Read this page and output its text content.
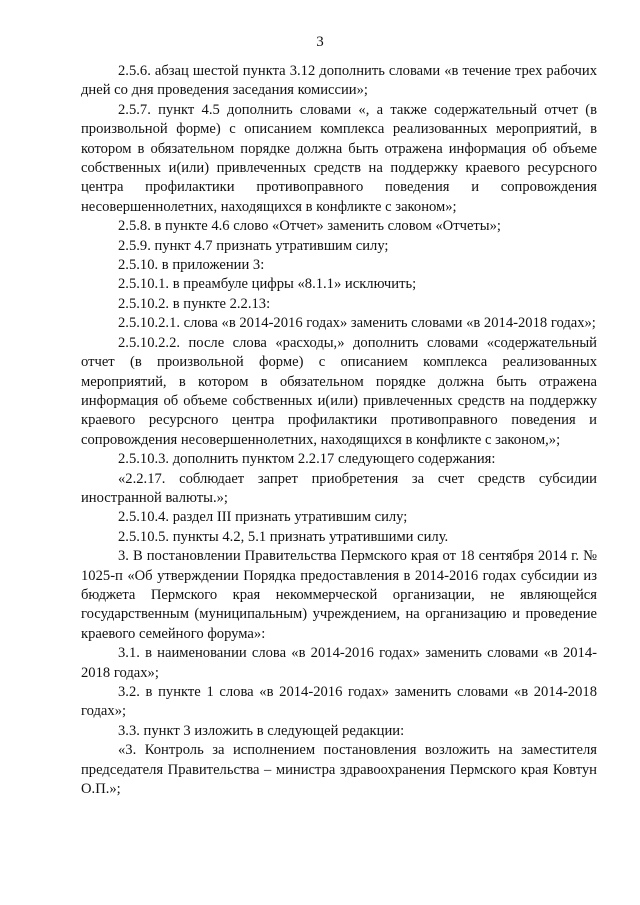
3

2.5.6. абзац шестой пункта 3.12 дополнить словами «в течение трех рабочих дней со дня проведения заседания комиссии»;

2.5.7. пункт 4.5 дополнить словами «, а также содержательный отчет (в произвольной форме) с описанием комплекса реализованных мероприятий, в котором в обязательном порядке должна быть отражена информация об объеме собственных и(или) привлеченных средств на поддержку краевого ресурсного центра профилактики противоправного поведения и сопровождения несовершеннолетних, находящихся в конфликте с законом»;

2.5.8. в пункте 4.6 слово «Отчет» заменить словом «Отчеты»;

2.5.9. пункт 4.7 признать утратившим силу;

2.5.10. в приложении 3:

2.5.10.1. в преамбуле цифры «8.1.1» исключить;

2.5.10.2. в пункте 2.2.13:

2.5.10.2.1. слова «в 2014-2016 годах» заменить словами «в 2014-2018 годах»;

2.5.10.2.2. после слова «расходы,» дополнить словами «содержательный отчет (в произвольной форме) с описанием комплекса реализованных мероприятий, в котором в обязательном порядке должна быть отражена информация об объеме собственных и(или) привлеченных средств на поддержку краевого ресурсного центра профилактики противоправного поведения и сопровождения несовершеннолетних, находящихся в конфликте с законом,»;

2.5.10.3. дополнить пунктом 2.2.17 следующего содержания:

«2.2.17. соблюдает запрет приобретения за счет средств субсидии иностранной валюты.»;

2.5.10.4. раздел III признать утратившим силу;

2.5.10.5. пункты 4.2, 5.1 признать утратившими силу.

3. В постановлении Правительства Пермского края от 18 сентября 2014 г. № 1025-п «Об утверждении Порядка предоставления в 2014-2016 годах субсидии из бюджета Пермского края некоммерческой организации, не являющейся государственным (муниципальным) учреждением, на организацию и проведение краевого семейного форума»:

3.1. в наименовании слова «в 2014-2016 годах» заменить словами «в 2014-2018 годах»;

3.2. в пункте 1 слова «в 2014-2016 годах» заменить словами «в 2014-2018 годах»;

3.3. пункт 3 изложить в следующей редакции:

«3. Контроль за исполнением постановления возложить на заместителя председателя Правительства – министра здравоохранения Пермского края Ковтун О.П.»;
